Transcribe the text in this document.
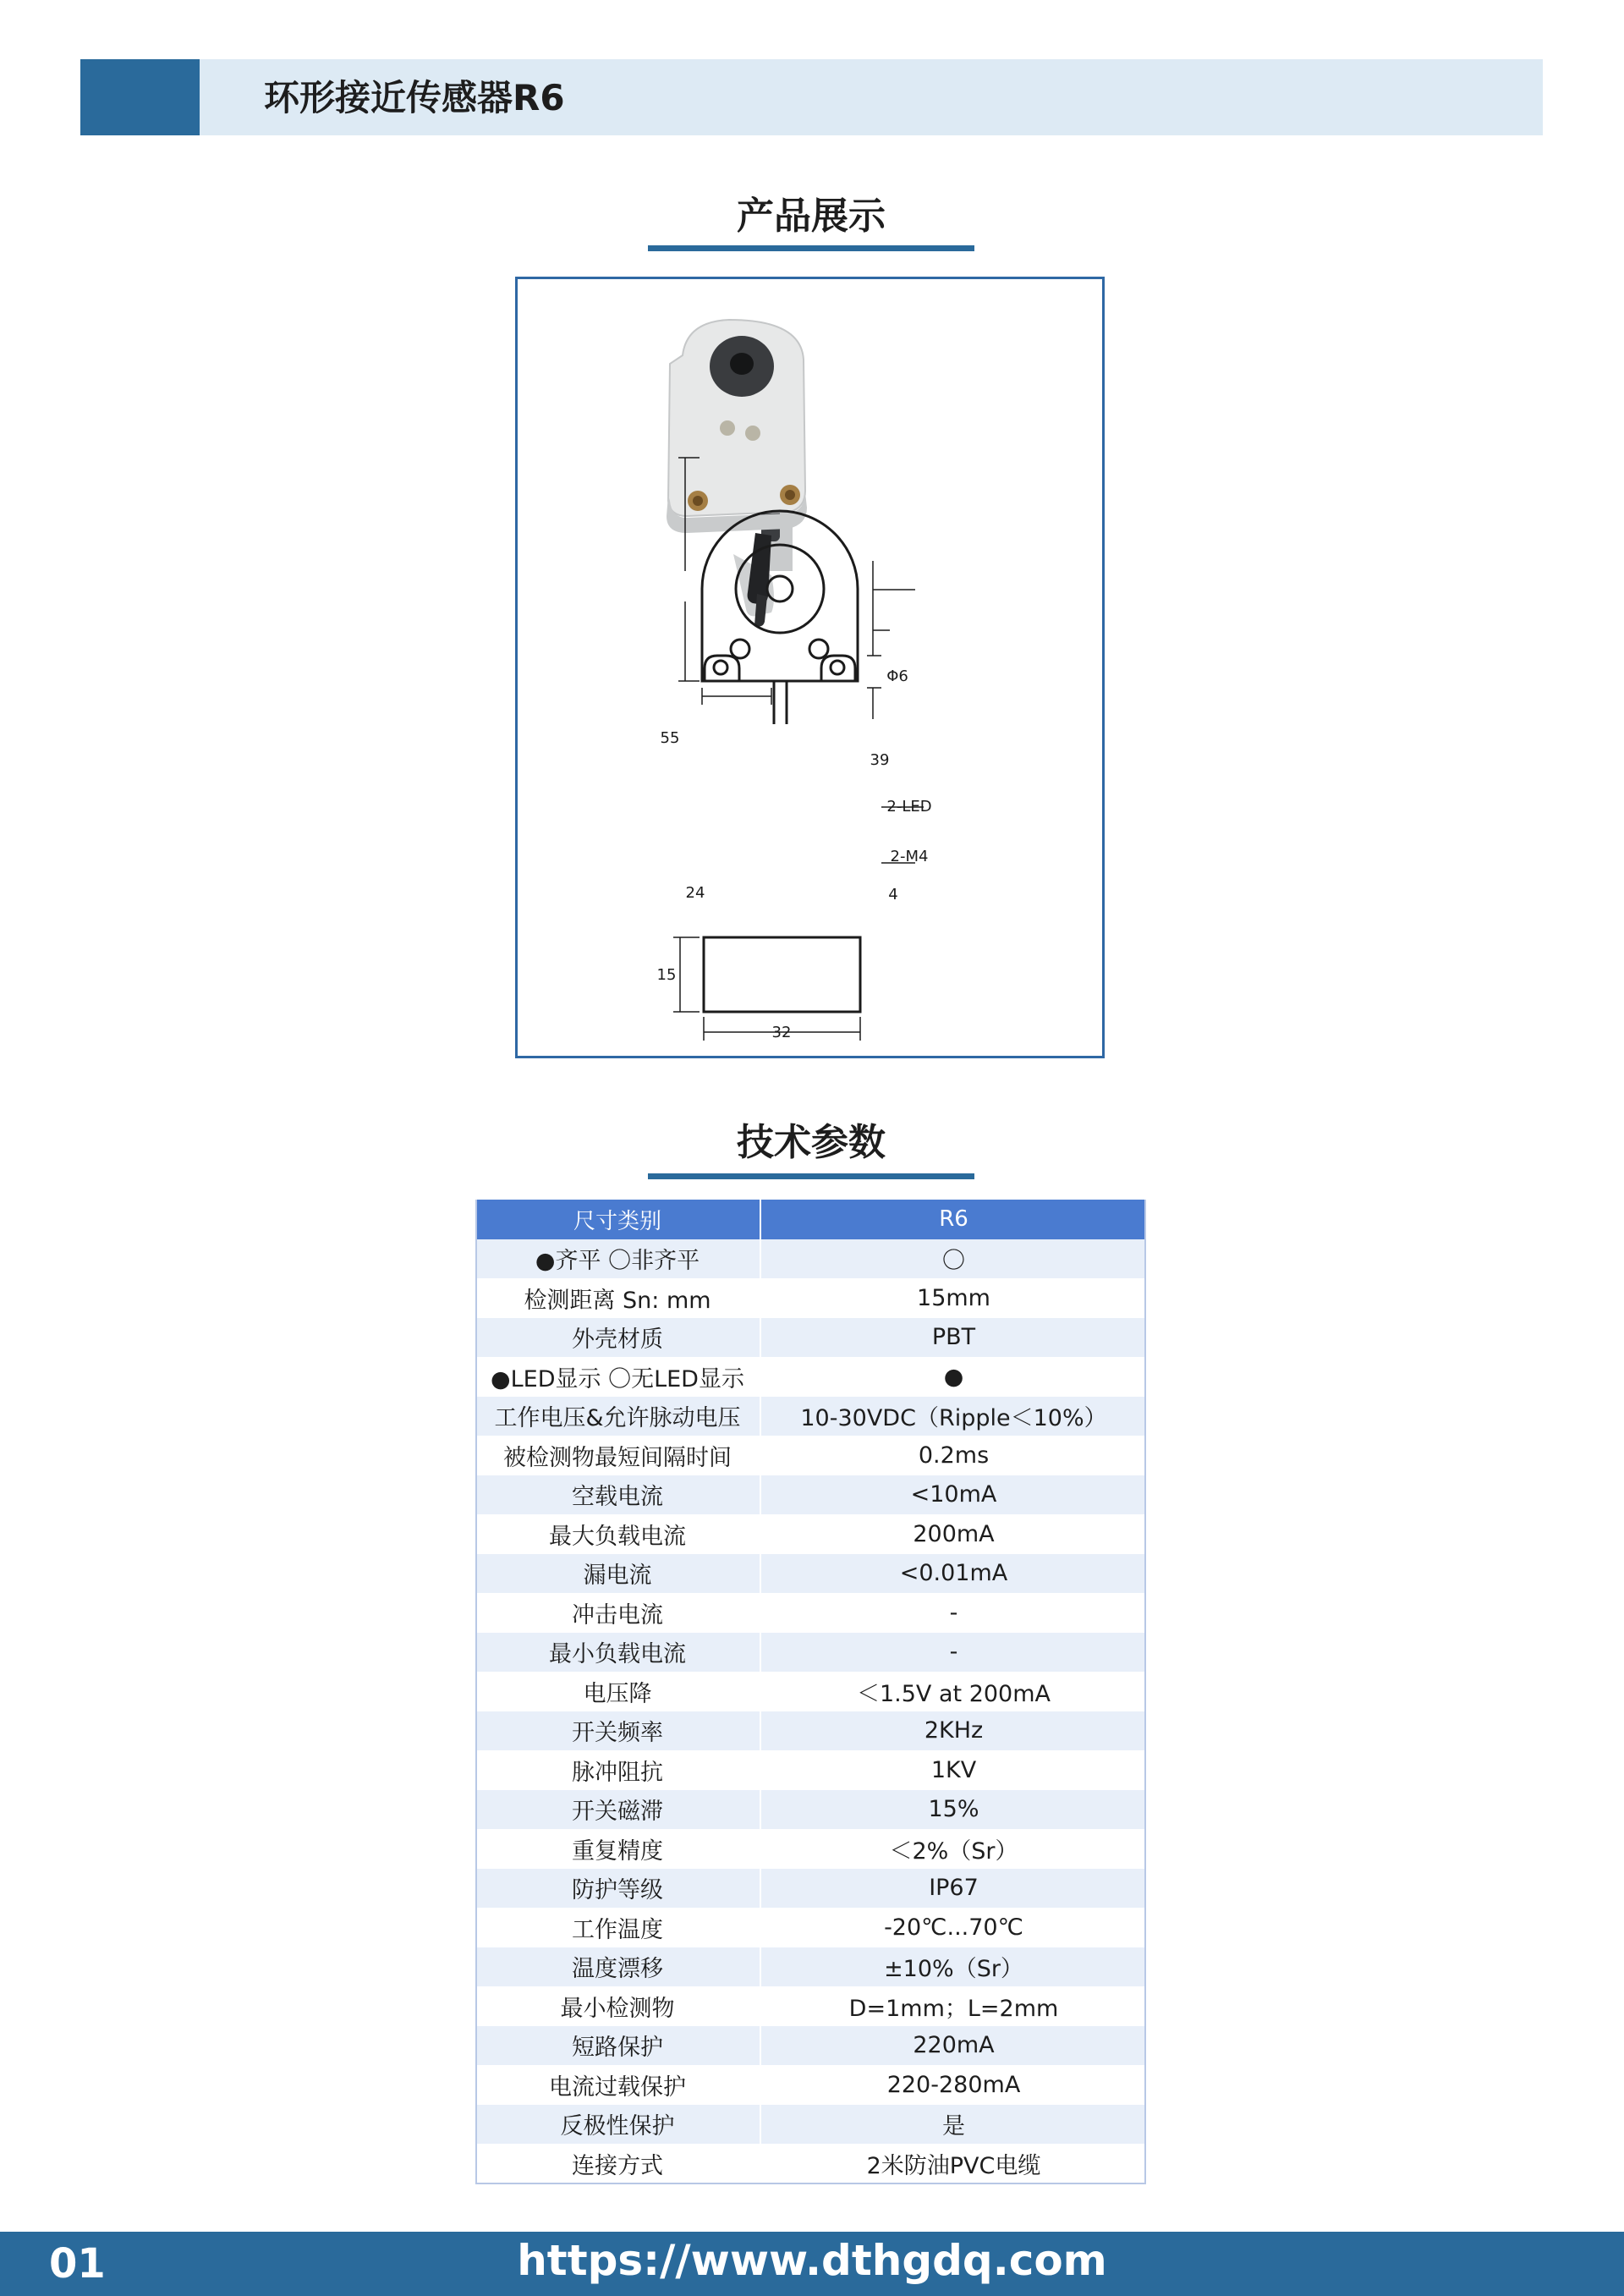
环形接近传感器R6
产品展示
55
Φ6
39
2-LED
2-M4
24	4
15
32
技术参数
尺寸类别	R6
●齐平 〇非齐平	〇
检测距离 Sn: mm	15mm
外壳材质	PBT
●LED显示 〇无LED显示	●
工作电压&允许脉动电压	10-30VDC（Ripple＜10%）
被检测物最短间隔时间	0.2ms
空载电流	<10mA
最大负载电流	200mA
漏电流	<0.01mA
冲击电流	-
最小负载电流	-
电压降	＜1.5V at 200mA
开关频率	2KHz
脉冲阻抗	1KV
开关磁滞	15%
重复精度	＜2%（Sr）
防护等级	IP67
工作温度	-20℃...70℃
温度漂移	±10%（Sr）
最小检测物	D=1mm；L=2mm
短路保护	220mA
电流过载保护	220-280mA
反极性保护	是
连接方式	2米防油PVC电缆
01	https://www.dthgdq.com
